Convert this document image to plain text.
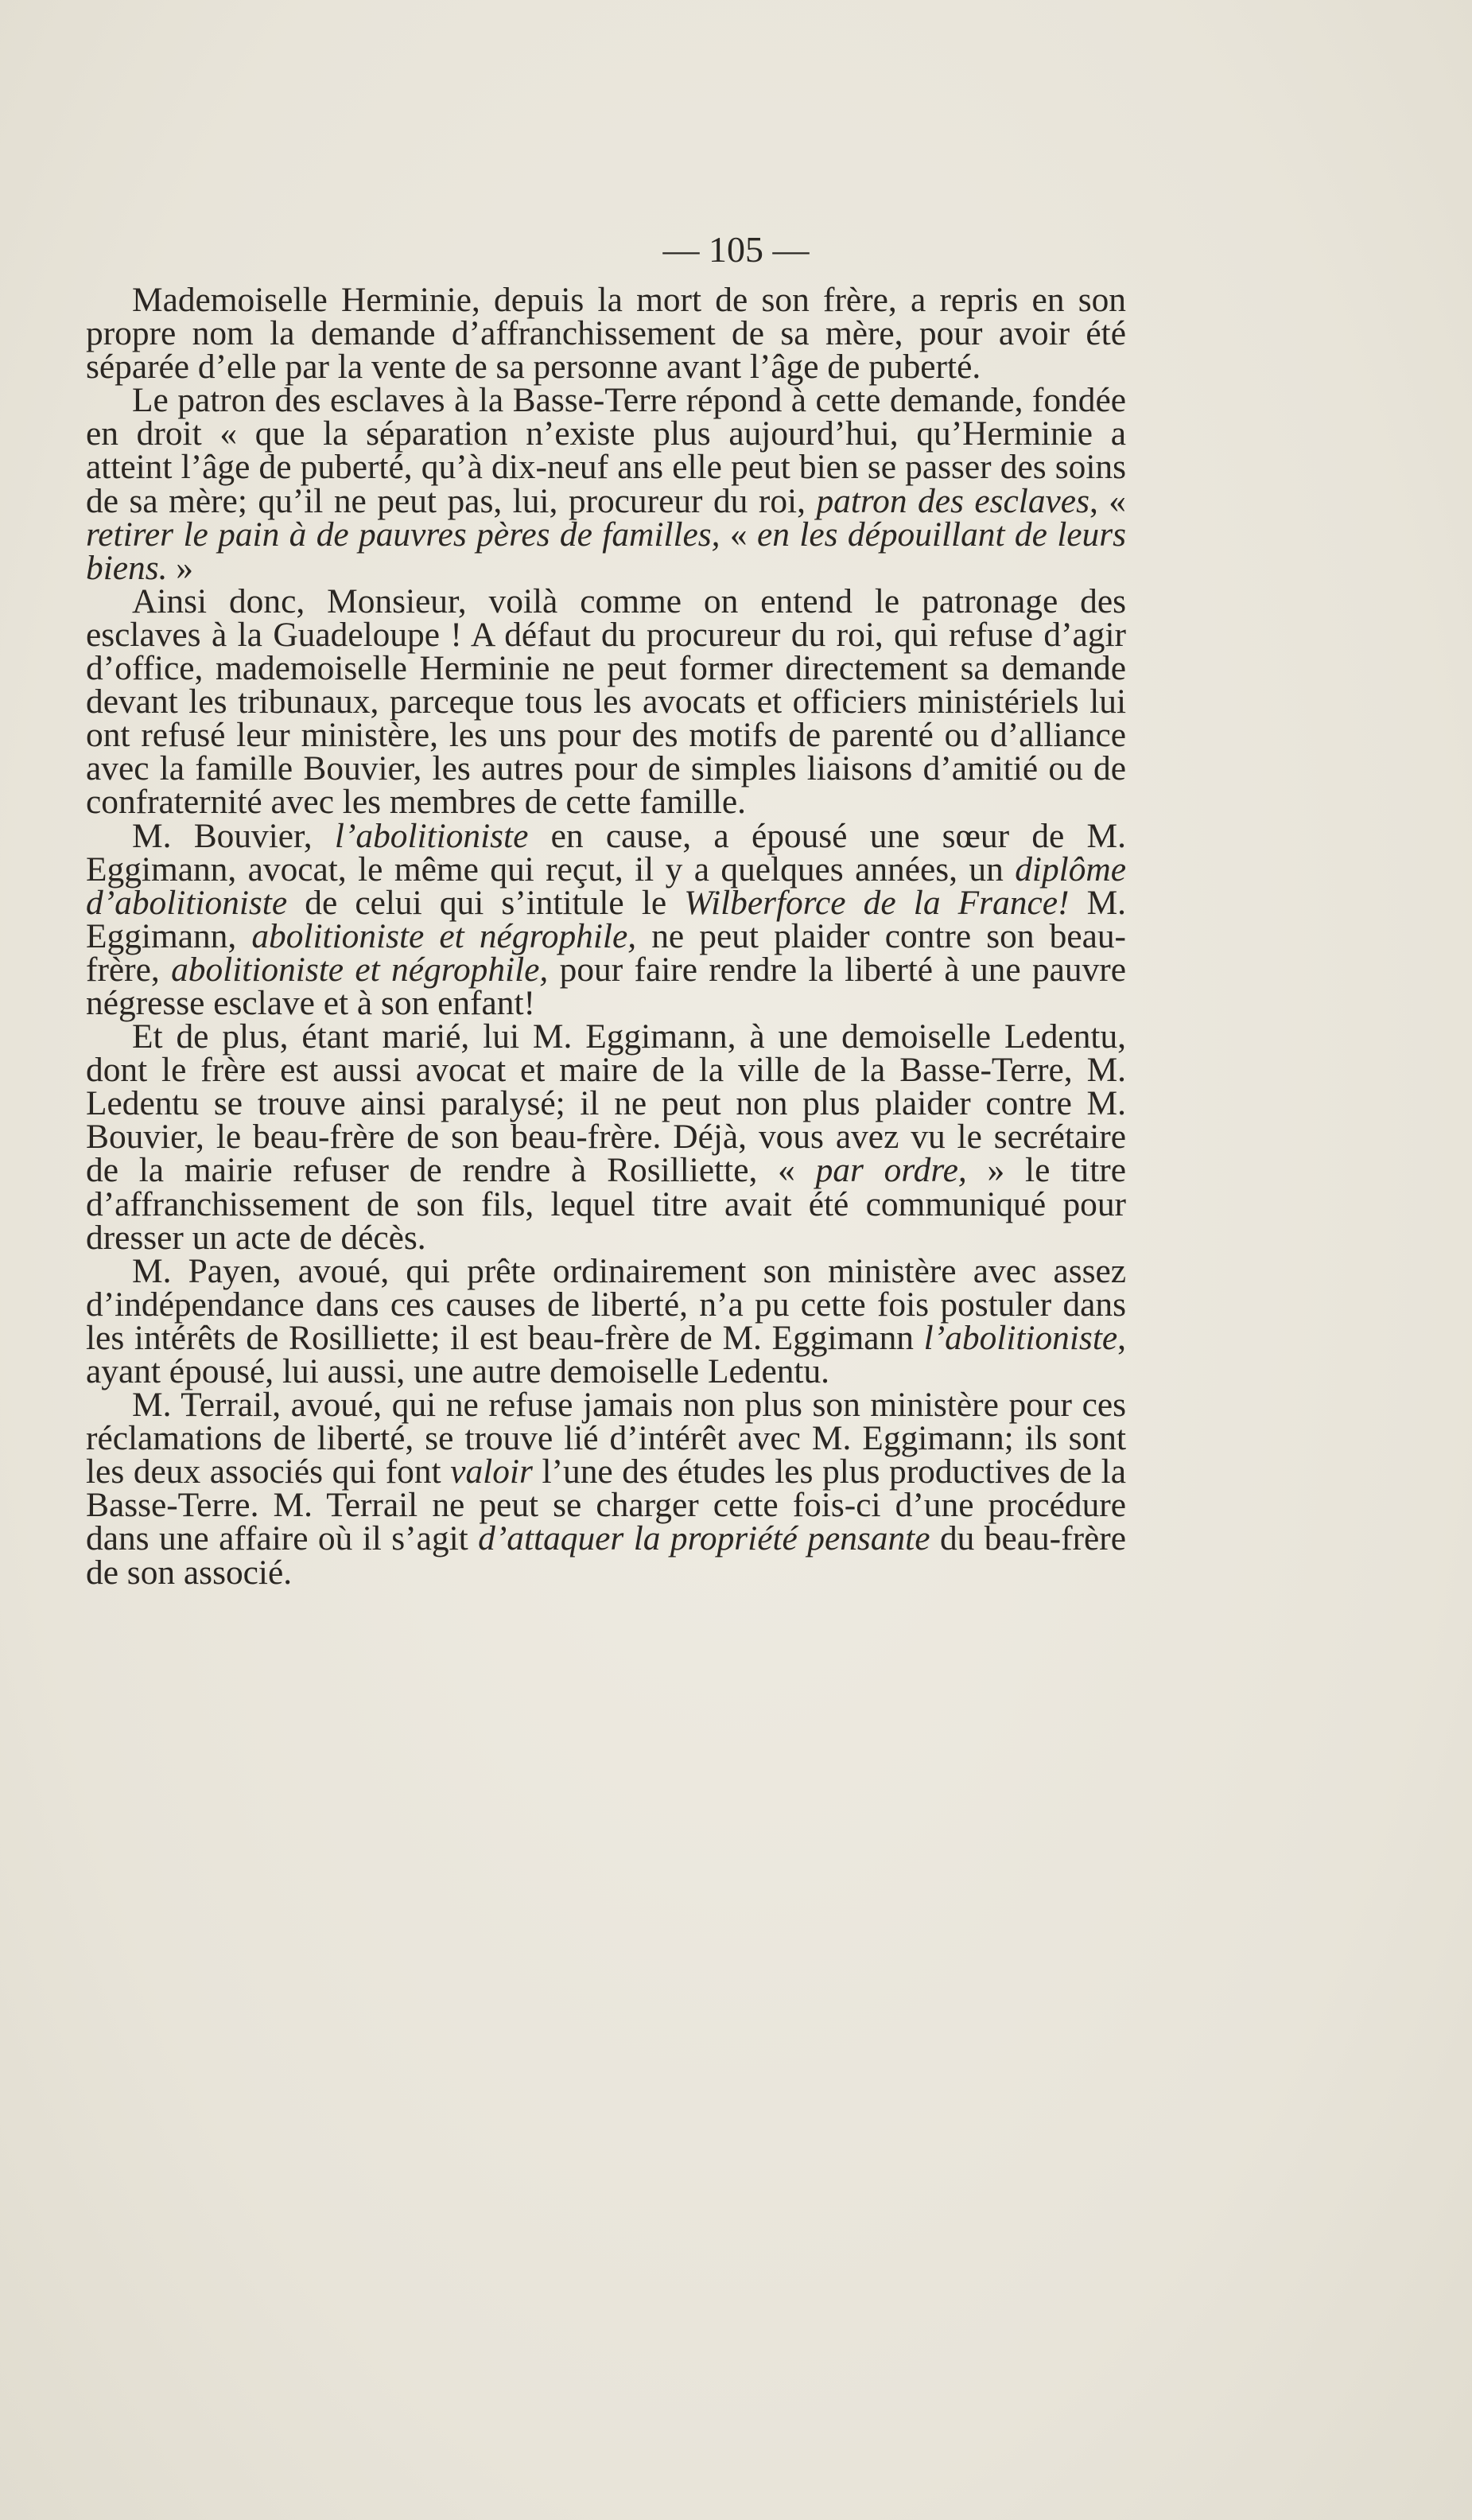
— 105 —

Mademoiselle Herminie, depuis la mort de son frère, a repris en son propre nom la demande d’affranchissement de sa mère, pour avoir été séparée d’elle par la vente de sa personne avant l’âge de puberté.

Le patron des esclaves à la Basse-Terre répond à cette demande, fondée en droit « que la séparation n’existe plus aujourd’hui, qu’Herminie a atteint l’âge de puberté, qu’à dix-neuf ans elle peut bien se passer des soins de sa mère; qu’il ne peut pas, lui, procureur du roi, patron des esclaves, « retirer le pain à de pauvres pères de familles, « en les dépouillant de leurs biens. »

Ainsi donc, Monsieur, voilà comme on entend le patronage des esclaves à la Guadeloupe ! A défaut du procureur du roi, qui refuse d’agir d’office, mademoiselle Herminie ne peut former directement sa demande devant les tribunaux, parceque tous les avocats et officiers ministériels lui ont refusé leur ministère, les uns pour des motifs de parenté ou d’alliance avec la famille Bouvier, les autres pour de simples liaisons d’amitié ou de confraternité avec les membres de cette famille.

M. Bouvier, l’abolitioniste en cause, a épousé une sœur de M. Eggimann, avocat, le même qui reçut, il y a quelques années, un diplôme d’abolitioniste de celui qui s’intitule le Wilberforce de la France! M. Eggimann, abolitioniste et négrophile, ne peut plaider contre son beau-frère, abolitioniste et négrophile, pour faire rendre la liberté à une pauvre négresse esclave et à son enfant!

Et de plus, étant marié, lui M. Eggimann, à une demoiselle Ledentu, dont le frère est aussi avocat et maire de la ville de la Basse-Terre, M. Ledentu se trouve ainsi paralysé; il ne peut non plus plaider contre M. Bouvier, le beau-frère de son beau-frère. Déjà, vous avez vu le secrétaire de la mairie refuser de rendre à Rosilliette, « par ordre, » le titre d’affranchissement de son fils, lequel titre avait été communiqué pour dresser un acte de décès.

M. Payen, avoué, qui prête ordinairement son ministère avec assez d’indépendance dans ces causes de liberté, n’a pu cette fois postuler dans les intérêts de Rosilliette; il est beau-frère de M. Eggimann l’abolitioniste, ayant épousé, lui aussi, une autre demoiselle Ledentu.

M. Terrail, avoué, qui ne refuse jamais non plus son ministère pour ces réclamations de liberté, se trouve lié d’intérêt avec M. Eggimann; ils sont les deux associés qui font valoir l’une des études les plus productives de la Basse-Terre. M. Terrail ne peut se charger cette fois-ci d’une procédure dans une affaire où il s’agit d’attaquer la propriété pensante du beau-frère de son associé.
